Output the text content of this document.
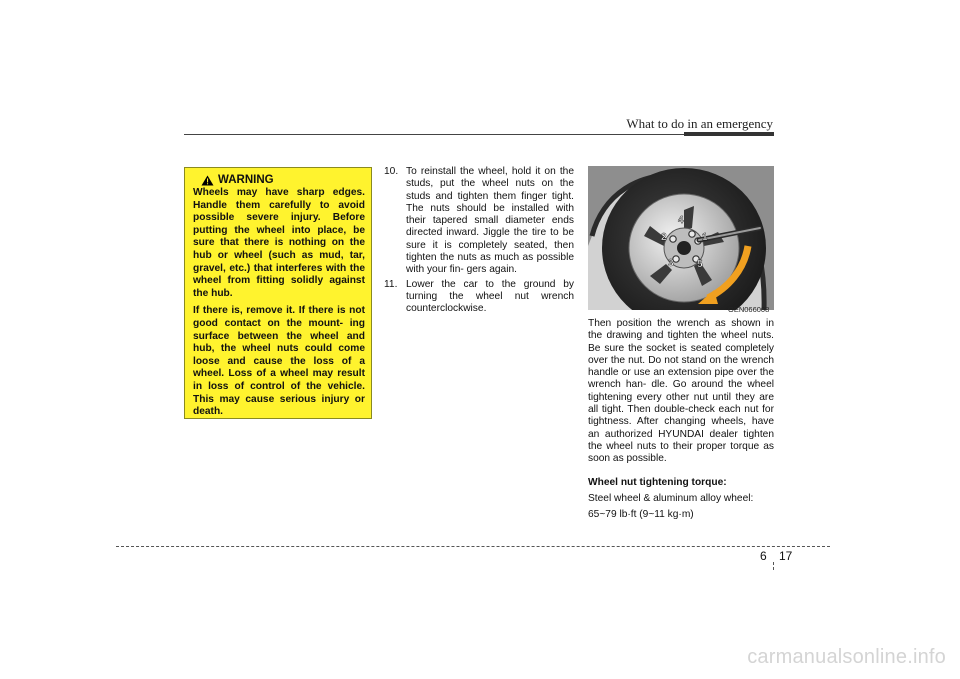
What to do in an emergency
WARNING

Wheels may have sharp edges. Handle them carefully to avoid possible severe injury. Before putting the wheel into place, be sure that there is nothing on the hub or wheel (such as mud, tar, gravel, etc.) that interferes with the wheel from fitting solidly against the hub.

If there is, remove it. If there is not good contact on the mount- ing surface between the wheel and hub, the wheel nuts could come loose and cause the loss of a wheel. Loss of a wheel may result in loss of control of the vehicle. This may cause serious injury or death.

10. To reinstall the wheel, hold it on the studs, put the wheel nuts on the studs and tighten them finger tight. The nuts should be installed with their tapered small diameter ends directed inward. Jiggle the tire to be sure it is completely seated, then tighten the nuts as much as possible with your fin- gers again.

11. Lower the car to the ground by turning the wheel nut wrench counterclockwise.

1
2
3
4
5
OEN066008

Then position the wrench as shown in the drawing and tighten the wheel nuts. Be sure the socket is seated completely over the nut. Do not stand on the wrench handle or use an extension pipe over the wrench han- dle. Go around the wheel tightening every other nut until they are all tight. Then double-check each nut for tightness. After changing wheels, have an authorized HYUNDAI dealer tighten the wheel nuts to their proper torque as soon as possible.

Wheel nut tightening torque:

Steel wheel & aluminum alloy wheel:

65~79 lb·ft (9~11 kg·m)

6 17
carmanualsonline.info
